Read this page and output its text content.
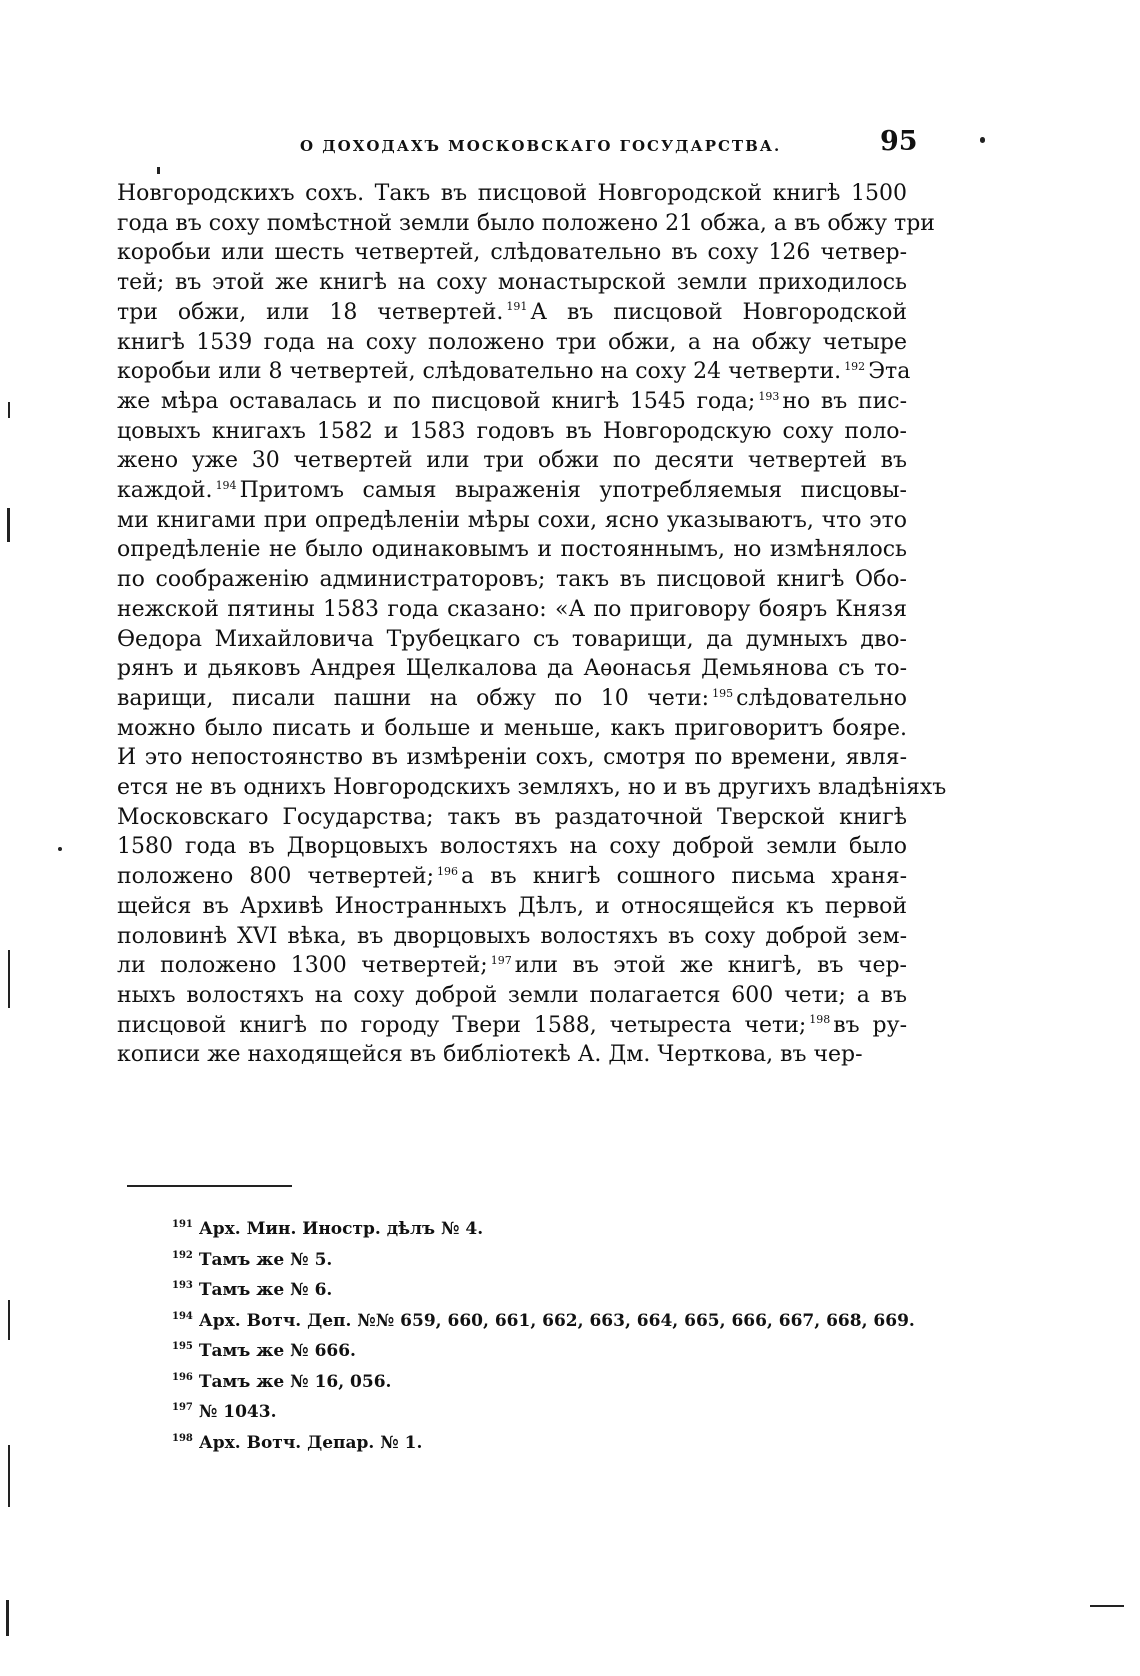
О ДОХОДАХЪ МОСКОВСКАГО ГОСУДАРСТВА.	95
Новгородскихъ сохъ. Такъ въ писцовой Новгородской книгѣ 1500
года въ соху помѣстной земли было положено 21 обжа, а въ обжу три
коробьи или шесть четвертей, слѣдовательно въ соху 126 четвер-
тей; въ этой же книгѣ на соху монастырской земли приходилось
три обжи, или 18 четвертей. $^{191}$ А въ писцовой Новгородской
книгѣ 1539 года на соху положено три обжи, а на обжу четыре
коробьи или 8 четвертей, слѣдовательно на соху 24 четверти. $^{192}$ Эта
же мѣра оставалась и по писцовой книгѣ 1545 года; $^{193}$ но въ пис-
цовыхъ книгахъ 1582 и 1583 годовъ въ Новгородскую соху поло-
жено уже 30 четвертей или три обжи по десяти четвертей въ
каждой. $^{194}$ Притомъ самыя выраженія употребляемыя писцовы-
ми книгами при опредѣленіи мѣры сохи, ясно указываютъ, что это
опредѣленіе не было одинаковымъ и постояннымъ, но измѣнялось
по соображенію администраторовъ; такъ въ писцовой книгѣ Обо-
нежской пятины 1583 года сказано: «А по приговору бояръ Князя
Ѳедора Михайловича Трубецкаго съ товарищи, да думныхъ дво-
рянъ и дьяковъ Андрея Щелкалова да Аѳонасья Демьянова съ то-
варищи, писали пашни на обжу по 10 чети: $^{195}$ слѣдовательно
можно было писать и больше и меньше, какъ приговоритъ бояре.
И это непостоянство въ измѣреніи сохъ, смотря по времени, явля-
ется не въ однихъ Новгородскихъ земляхъ, но и въ другихъ владѣніяхъ
Московскаго Государства; такъ въ раздаточной Тверской книгѣ
1580 года въ Дворцовыхъ волостяхъ на соху доброй земли было
положено 800 четвертей; $^{196}$ а въ книгѣ сошного письма храня-
щейся въ Архивѣ Иностранныхъ Дѣлъ, и относящейся къ первой
половинѣ XVI вѣка, въ дворцовыхъ волостяхъ въ соху доброй зем-
ли положено 1300 четвертей; $^{197}$ или въ этой же книгѣ, въ чер-
ныхъ волостяхъ на соху доброй земли полагается 600 чети; а въ
писцовой книгѣ по городу Твери 1588, четыреста чети; $^{198}$ въ ру-
кописи же находящейся въ библіотекѣ А. Дм. Черткова, въ чер-
$^{191}$ Арх. Мин. Иностр. дѣлъ № 4.
$^{192}$ Тамъ же № 5.
$^{193}$ Тамъ же № 6.
$^{194}$ Арх. Вотч. Деп. №№ 659, 660, 661, 662, 663, 664, 665, 666, 667, 668, 669.
$^{195}$ Тамъ же № 666.
$^{196}$ Тамъ же № 16, 056.
$^{197}$ № 1043.
$^{198}$ Арх. Вотч. Депар. № 1.
